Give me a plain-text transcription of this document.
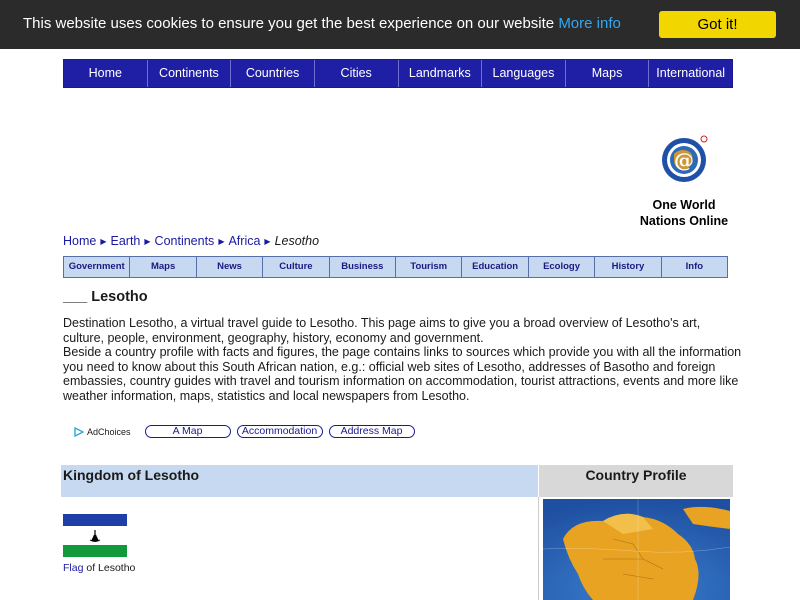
This website uses cookies to ensure you get the best experience on our website More info	Got it!
Home	Continents	Countries	Cities	Landmarks	Languages	Maps	International
@
One World
Nations Online
Home ▶ Earth ▶ Continents ▶ Africa ▶ Lesotho
Government	Maps	News	Culture	Business	Tourism	Education	Ecology	History	Info
___ Lesotho
Destination Lesotho, a virtual travel guide to Lesotho. This page aims to give you a broad overview of Lesotho's art, culture, people, environment, geography, history, economy and government.
Beside a country profile with facts and figures, the page contains links to sources which provide you with all the information you need to know about this South African nation, e.g.: official web sites of Lesotho, addresses of Basotho and foreign embassies, country guides with travel and tourism information on accommodation, tourist attractions, events and more like weather information, maps, statistics and local newspapers from Lesotho.
AdChoices	A Map	Accommodation	Address Map
Kingdom of Lesotho	Country Profile
Flag of Lesotho
